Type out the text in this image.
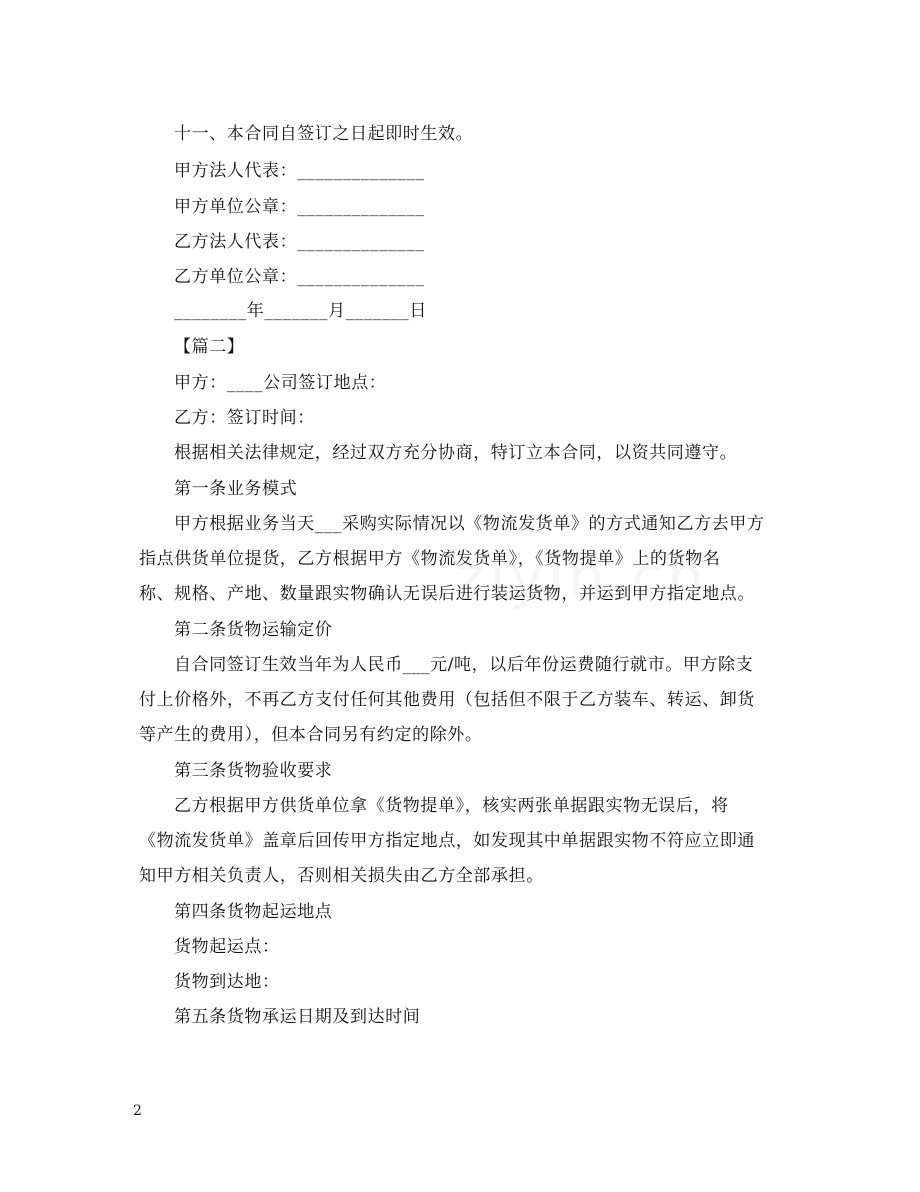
十一、本合同自签订之日起即时生效。
甲方法人代表：______________
甲方单位公章：______________
乙方法人代表：______________
乙方单位公章：______________
________年_______月_______日
【篇二】
甲方：____公司签订地点：
乙方：签订时间：
根据相关法律规定，经过双方充分协商，特订立本合同，以资共同遵守。
第一条业务模式
甲方根据业务当天___采购实际情况以《物流发货单》的方式通知乙方去甲方
指点供货单位提货，乙方根据甲方《物流发货单》，《货物提单》上的货物名
称、规格、产地、数量跟实物确认无误后进行装运货物，并运到甲方指定地点。
第二条货物运输定价
自合同签订生效当年为人民币___元/吨，以后年份运费随行就市。甲方除支
付上价格外，不再乙方支付任何其他费用（包括但不限于乙方装车、转运、卸货
等产生的费用），但本合同另有约定的除外。
第三条货物验收要求
乙方根据甲方供货单位拿《货物提单》，核实两张单据跟实物无误后，将
《物流发货单》盖章后回传甲方指定地点，如发现其中单据跟实物不符应立即通
知甲方相关负责人，否则相关损失由乙方全部承担。
第四条货物起运地点
货物起运点：
货物到达地：
第五条货物承运日期及到达时间
2
